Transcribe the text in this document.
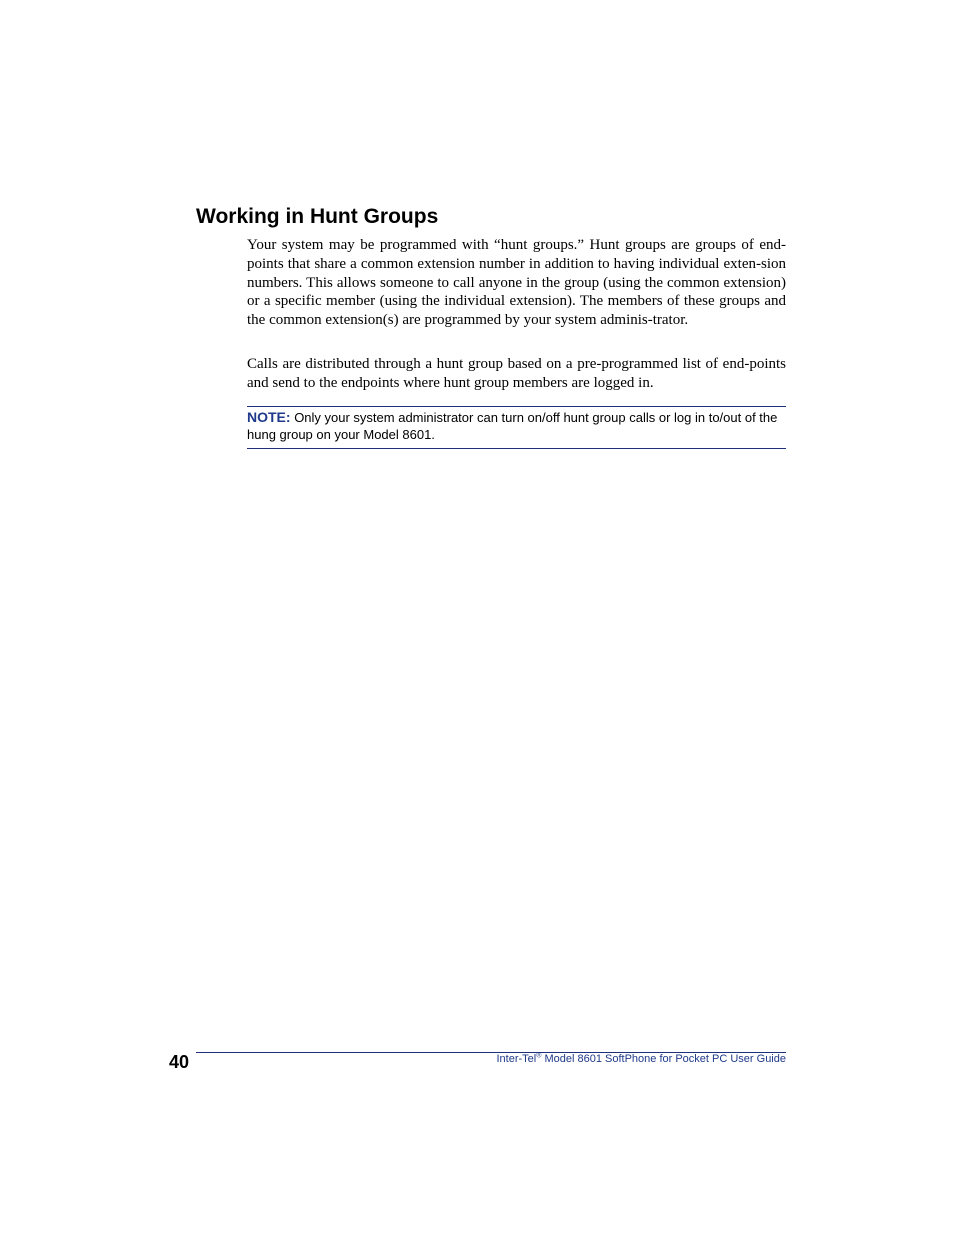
Working in Hunt Groups

Your system may be programmed with “hunt groups.” Hunt groups are groups of end-points that share a common extension number in addition to having individual exten-sion numbers. This allows someone to call anyone in the group (using the common extension) or a specific member (using the individual extension). The members of these groups and the common extension(s) are programmed by your system adminis-trator.

Calls are distributed through a hunt group based on a pre-programmed list of end-points and send to the endpoints where hunt group members are logged in.

NOTE: Only your system administrator can turn on/off hunt group calls or log in to/out of the hung group on your Model 8601.

40	Inter-Tel® Model 8601 SoftPhone for Pocket PC User Guide
